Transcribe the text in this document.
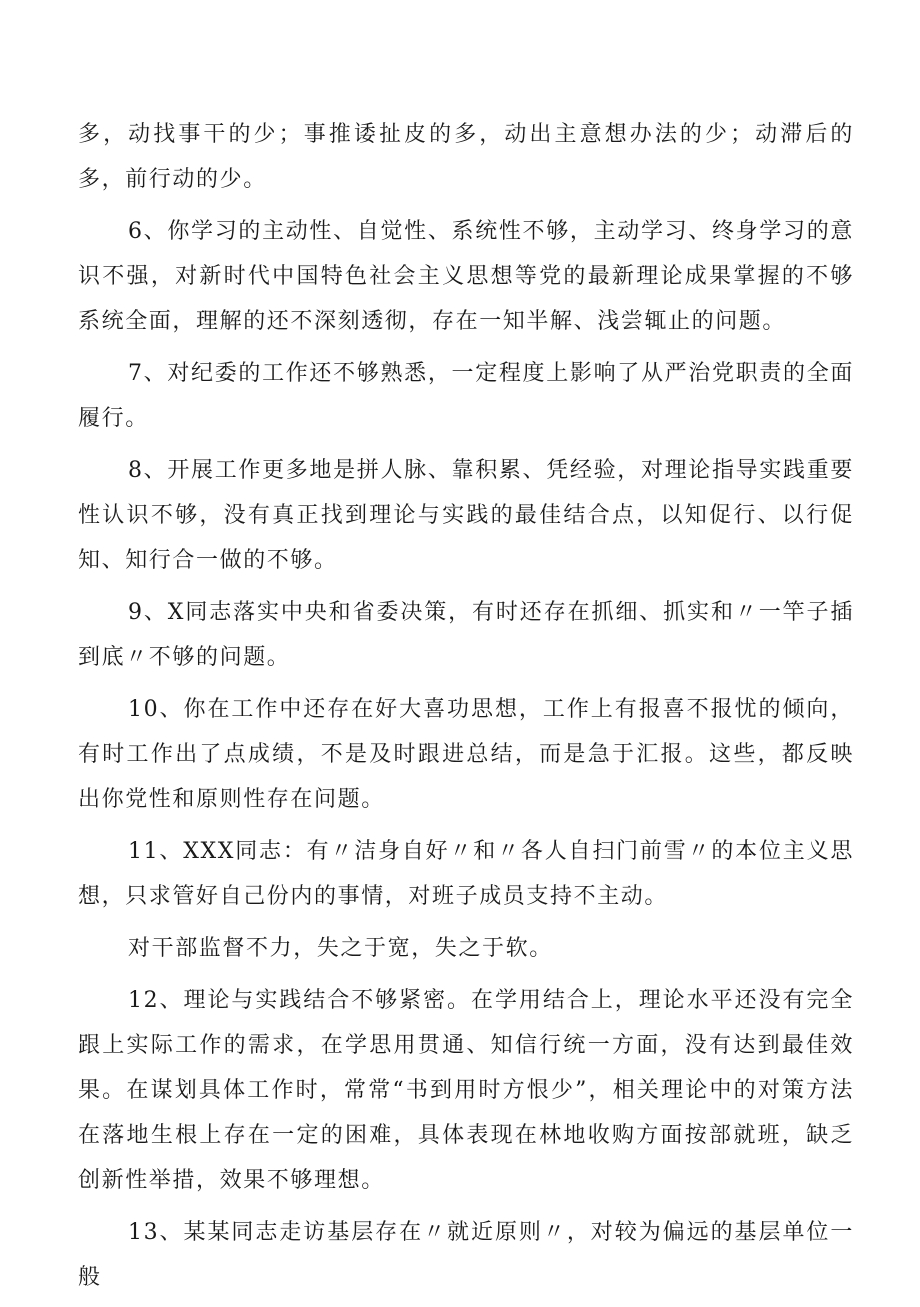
多，动找事干的少；事推诿扯皮的多，动出主意想办法的少；动滞后的多，前行动的少。

6、你学习的主动性、自觉性、系统性不够，主动学习、终身学习的意识不强，对新时代中国特色社会主义思想等党的最新理论成果掌握的不够系统全面，理解的还不深刻透彻，存在一知半解、浅尝辄止的问题。

7、对纪委的工作还不够熟悉，一定程度上影响了从严治党职责的全面履行。

8、开展工作更多地是拼人脉、靠积累、凭经验，对理论指导实践重要性认识不够，没有真正找到理论与实践的最佳结合点，以知促行、以行促知、知行合一做的不够。

9、X同志落实中央和省委决策，有时还存在抓细、抓实和〃一竿子插到底〃不够的问题。

10、你在工作中还存在好大喜功思想，工作上有报喜不报忧的倾向，有时工作出了点成绩，不是及时跟进总结，而是急于汇报。这些，都反映出你党性和原则性存在问题。

11、XXX同志：有〃洁身自好〃和〃各人自扫门前雪〃的本位主义思想，只求管好自己份内的事情，对班子成员支持不主动。

对干部监督不力，失之于宽，失之于软。

12、理论与实践结合不够紧密。在学用结合上，理论水平还没有完全跟上实际工作的需求，在学思用贯通、知信行统一方面，没有达到最佳效果。在谋划具体工作时，常常“书到用时方恨少”，相关理论中的对策方法在落地生根上存在一定的困难，具体表现在林地收购方面按部就班，缺乏创新性举措，效果不够理想。

13、某某同志走访基层存在〃就近原则〃，对较为偏远的基层单位一般
